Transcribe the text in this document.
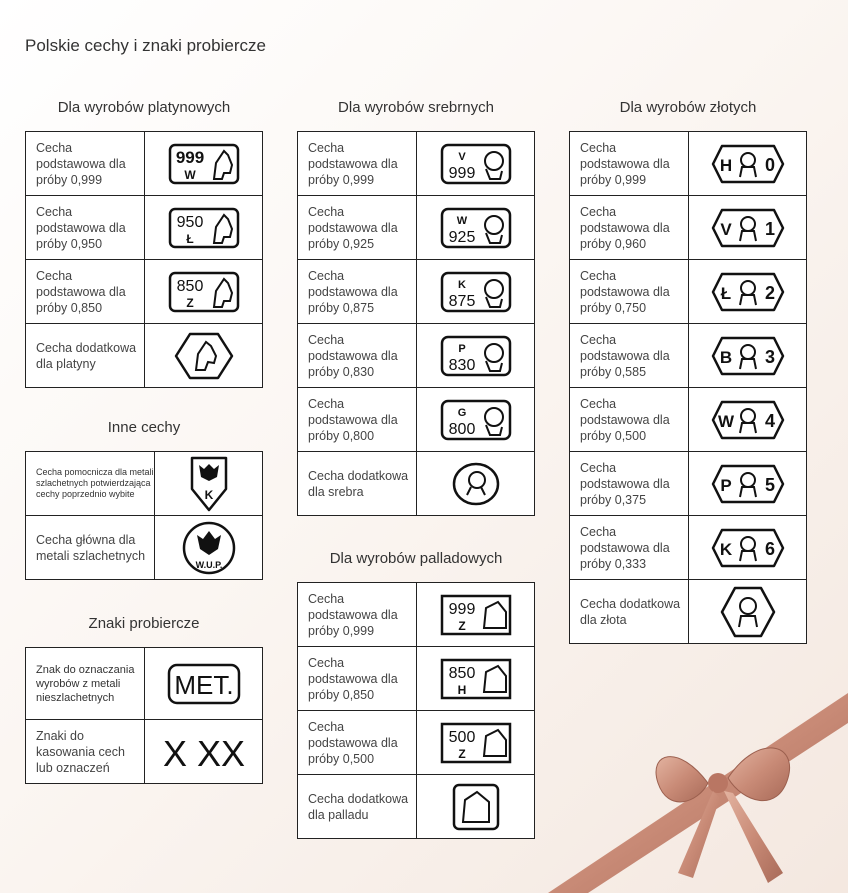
Polskie cechy i znaki probiercze
Dla wyrobów platynowych
Cecha podstawowa dla próby 0,999	999
W

Cecha podstawowa dla próby 0,950	950
Ł

Cecha podstawowa dla próby 0,850	850
Z

Cecha dodatkowa dla platyny	
Inne cechy
Cecha pomocnicza dla metali szlachetnych potwierdzająca cechy poprzednio wybite	K

Cecha główna dla metali szlachetnych	W.U.P.
Znaki probiercze
Znak do oznaczania wyrobów z metali nieszlachetnych	MET.

Znaki do kasowania cech lub oznaczeń	X XX
Dla wyrobów srebrnych
Cecha podstawowa dla próby 0,999	V
999

Cecha podstawowa dla próby 0,925	W
925

Cecha podstawowa dla próby 0,875	K
875

Cecha podstawowa dla próby 0,830	P
830

Cecha podstawowa dla próby 0,800	G
800

Cecha dodatkowa dla srebra	
Dla wyrobów palladowych
Cecha podstawowa dla próby 0,999	999
Z

Cecha podstawowa dla próby 0,850	850
H

Cecha podstawowa dla próby 0,500	500
Z

Cecha dodatkowa dla palladu	
Dla wyrobów złotych
Cecha podstawowa dla próby 0,999	H 0

Cecha podstawowa dla próby 0,960	V 1

Cecha podstawowa dla próby 0,750	Ł 2

Cecha podstawowa dla próby 0,585	B 3

Cecha podstawowa dla próby 0,500	W 4

Cecha podstawowa dla próby 0,375	P 5

Cecha podstawowa dla próby 0,333	K 6

Cecha dodatkowa dla złota	
